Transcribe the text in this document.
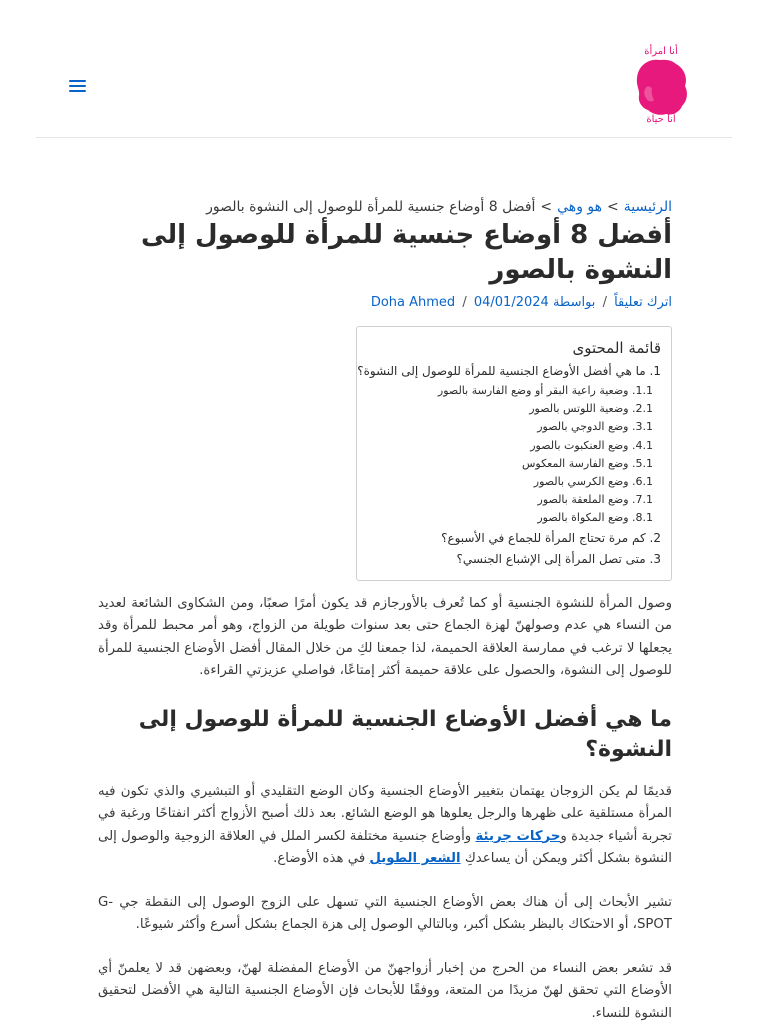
أنا امرأة
أنا حياة
الرئيسية>هو وهي>أفضل 8 أوضاع جنسية للمرأة للوصول إلى النشوة بالصور
أفضل 8 أوضاع جنسية للمرأة للوصول إلى النشوة بالصور
اترك تعليقاً / بواسطة 04/01/2024 / Doha Ahmed
قائمة المحتوى
1. ما هي أفضل الأوضاع الجنسية للمرأة للوصول إلى النشوة؟
1.1. وضعية راعية البقر أو وضع الفارسة بالصور
2.1. وضعية اللوتس بالصور
3.1. وضع الدوجي بالصور
4.1. وضع العنكبوت بالصور
5.1. وضع الفارسة المعكوس
6.1. وضع الكرسي بالصور
7.1. وضع الملعقة بالصور
8.1. وضع المكواة بالصور
2. كم مرة تحتاج المرأة للجماع في الأسبوع؟
3. متى تصل المرأة إلى الإشباع الجنسي؟

وصول المرأة للنشوة الجنسية أو كما تُعرف بالأورجازم قد يكون أمرًا صعبًا، ومن الشكاوى الشائعة لعديد من النساء هي عدم وصولهنّ لهزة الجماع حتى بعد سنوات طويلة من الزواج، وهو أمر محبط للمرأة وقد يجعلها لا ترغب في ممارسة العلاقة الحميمة، لذا جمعنا لكِ من خلال المقال أفضل الأوضاع الجنسية للمرأة للوصول إلى النشوة، والحصول على علاقة حميمة أكثر إمتاعًا، فواصلي عزيزتي القراءة.

ما هي أفضل الأوضاع الجنسية للمرأة للوصول إلى النشوة؟

قديمًا لم يكن الزوجان يهتمان بتغيير الأوضاع الجنسية وكان الوضع التقليدي أو التبشيري والذي تكون فيه المرأة مستلقية على ظهرها والرجل يعلوها هو الوضع الشائع. بعد ذلك أصبح الأزواج أكثر انفتاحًا ورغبة في تجربة أشياء جديدة وحركات جريئة وأوضاع جنسية مختلفة لكسر الملل في العلاقة الزوجية والوصول إلى النشوة بشكل أكثر ويمكن أن يساعدكِ الشعر الطويل في هذه الأوضاع.

تشير الأبحاث إلى أن هناك بعض الأوضاع الجنسية التي تسهل على الزوج الوصول إلى النقطة جي G-SPOT، أو الاحتكاك بالبظر بشكل أكبر، وبالتالي الوصول إلى هزة الجماع بشكل أسرع وأكثر شيوعًا.

قد تشعر بعض النساء من الحرج من إخبار أزواجهنّ من الأوضاع المفضلة لهنّ، وبعضهن قد لا يعلمنّ أي الأوضاع التي تحقق لهنّ مزيدًا من المتعة، ووفقًا للأبحاث فإن الأوضاع الجنسية التالية هي الأفضل لتحقيق النشوة للنساء.
